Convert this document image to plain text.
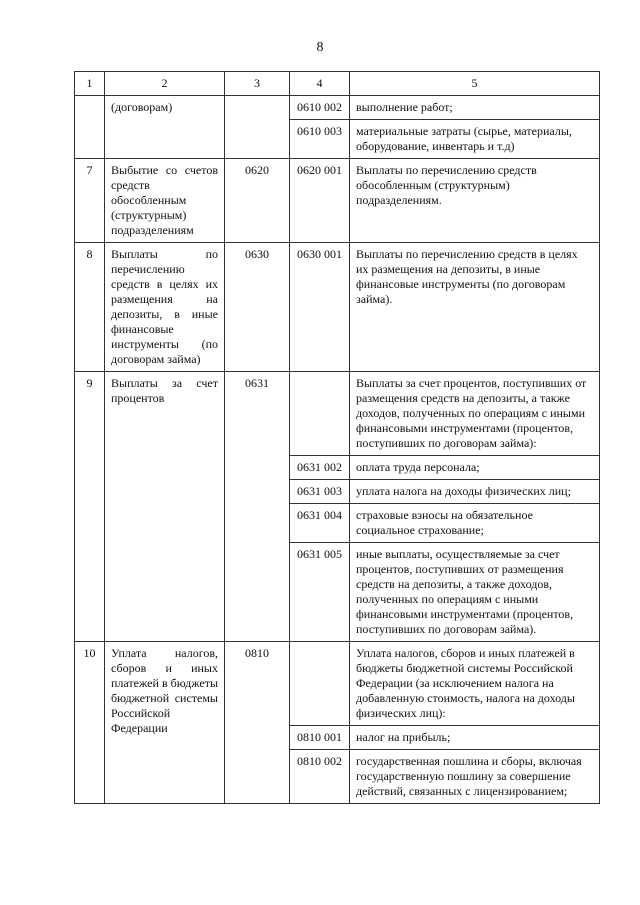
8
1	2	3	4	5
	(договорам)		0610 002	выполнение работ;
			0610 003	материальные затраты (сырье, материалы, оборудование, инвентарь и т.д)
7	Выбытие со счетов средств обособленным (структурным) подразделениям	0620	0620 001	Выплаты по перечислению средств обособленным (структурным) подразделениям.
8	Выплаты по перечислению средств в целях их размещения на депозиты, в иные финансовые инструменты (по договорам займа)	0630	0630 001	Выплаты по перечислению средств в целях их размещения на депозиты, в иные финансовые инструменты (по договорам займа).
9	Выплаты за счет процентов	0631		Выплаты за счет процентов, поступивших от размещения средств на депозиты, а также доходов, полученных по операциям с иными финансовыми инструментами (процентов, поступивших по договорам займа):
			0631 002	оплата труда персонала;
			0631 003	уплата налога на доходы физических лиц;
			0631 004	страховые взносы на обязательное социальное страхование;
			0631 005	иные выплаты, осуществляемые за счет процентов, поступивших от размещения средств на депозиты, а также доходов, полученных по операциям с иными финансовыми инструментами (процентов, поступивших по договорам займа).
10	Уплата налогов, сборов и иных платежей в бюджеты бюджетной системы Российской Федерации	0810		Уплата налогов, сборов и иных платежей в бюджеты бюджетной системы Российской Федерации (за исключением налога на добавленную стоимость, налога на доходы физических лиц):
			0810 001	налог на прибыль;
			0810 002	государственная пошлина и сборы, включая государственную пошлину за совершение действий, связанных с лицензированием;
